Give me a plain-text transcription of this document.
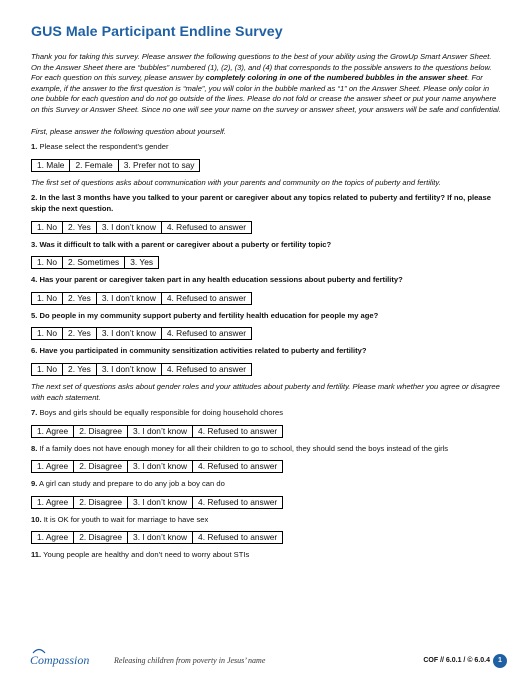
GUS Male Participant Endline Survey
Thank you for taking this survey. Please answer the following questions to the best of your ability using the GrowUp Smart Answer Sheet. On the Answer Sheet there are “bubbles” numbered (1), (2), (3), and (4) that corresponds to the possible answers to the questions below. For each question on this survey, please answer by completely coloring in one of the numbered bubbles in the answer sheet. For example, if the answer to the first question is “male”, you will color in the bubble marked as “1” on the Answer Sheet. Please only color in one bubble for each question and do not go outside of the lines. Please do not fold or crease the answer sheet or put your name anywhere on this Survey or Answer Sheet. Since no one will see your name on the survey or answer sheet, your answers will be safe and confidential.
First, please answer the following question about yourself.
1. Please select the respondent’s gender
1. Male	2. Female	3. Prefer not to say
The first set of questions asks about communication with your parents and community on the topics of puberty and fertility.
2. In the last 3 months have you talked to your parent or caregiver about any topics related to puberty and fertility? If no, please skip the next question.
1. No	2. Yes	3. I don’t know	4. Refused to answer
3. Was it difficult to talk with a parent or caregiver about a puberty or fertility topic?
1. No	2. Sometimes	3. Yes
4. Has your parent or caregiver taken part in any health education sessions about puberty and fertility?
1. No	2. Yes	3. I don’t know	4. Refused to answer
5. Do people in my community support puberty and fertility health education for people my age?
1. No	2. Yes	3. I don’t know	4. Refused to answer
6. Have you participated in community sensitization activities related to puberty and fertility?
1. No	2. Yes	3. I don’t know	4. Refused to answer
The next set of questions asks about gender roles and your attitudes about puberty and fertility. Please mark whether you agree or disagree with each statement.
7. Boys and girls should be equally responsible for doing household chores
1. Agree	2. Disagree	3. I don’t know	4. Refused to answer
8. If a family does not have enough money for all their children to go to school, they should send the boys instead of the girls
1. Agree	2. Disagree	3. I don’t know	4. Refused to answer
9. A girl can study and prepare to do any job a boy can do
1. Agree	2. Disagree	3. I don’t know	4. Refused to answer
10. It is OK for youth to wait for marriage to have sex
1. Agree	2. Disagree	3. I don’t know	4. Refused to answer
11. Young people are healthy and don’t need to worry about STIs
Compassion	Releasing children from poverty in Jesus’ name	COF // 6.0.1 / © 6.0.4	1
